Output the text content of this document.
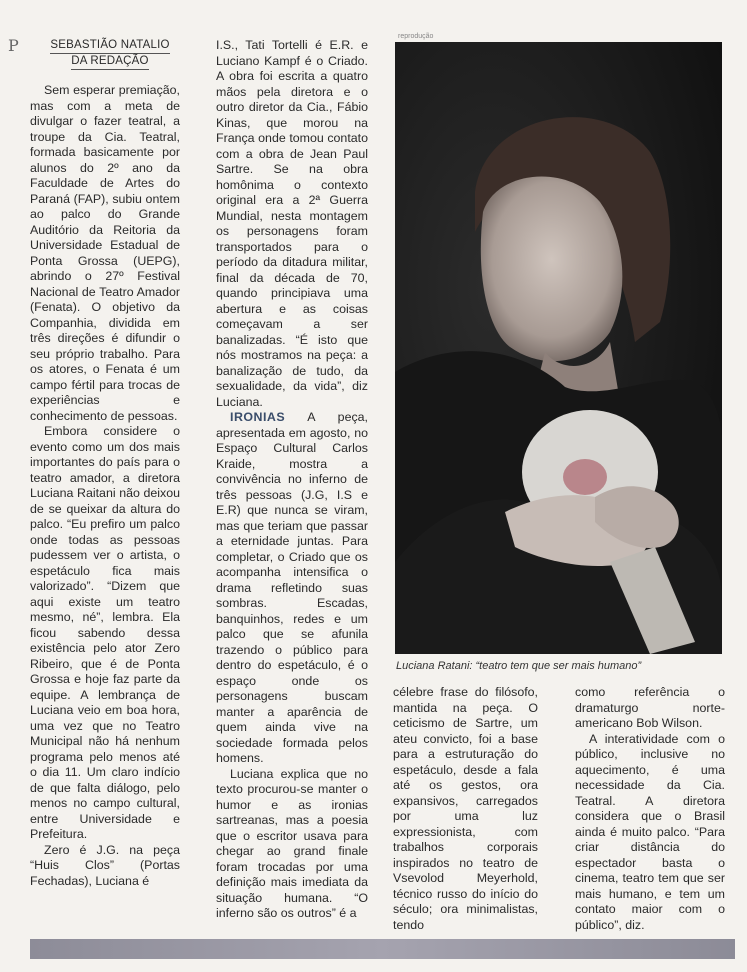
P	SEBASTIÃO NATALIO
DA REDAÇÃO

Sem esperar premiação, mas com a meta de divulgar o fazer teatral, a troupe da Cia. Teatral, formada basicamente por alunos do 2º ano da Faculdade de Artes do Paraná (FAP), subiu ontem ao palco do Grande Auditório da Reitoria da Universidade Estadual de Ponta Grossa (UEPG), abrindo o 27º Festival Nacional de Teatro Amador (Fenata). O objetivo da Companhia, dividida em três direções é difundir o seu próprio trabalho. Para os atores, o Fenata é um campo fértil para trocas de experiências e conhecimento de pessoas.

Embora considere o evento como um dos mais importantes do país para o teatro amador, a diretora Luciana Raitani não deixou de se queixar da altura do palco. “Eu prefiro um palco onde todas as pessoas pudessem ver o artista, o espetáculo fica mais valorizado”. “Dizem que aqui existe um teatro mesmo, né”, lembra. Ela ficou sabendo dessa existência pelo ator Zero Ribeiro, que é de Ponta Grossa e hoje faz parte da equipe. A lembrança de Luciana veio em boa hora, uma vez que no Teatro Municipal não há nenhum programa pelo menos até o dia 11. Um claro indício de que falta diálogo, pelo menos no campo cultural, entre Universidade e Prefeitura.

Zero é J.G. na peça “Huis Clos” (Portas Fechadas), Luciana é

I.S., Tati Tortelli é E.R. e Luciano Kampf é o Criado. A obra foi escrita a quatro mãos pela diretora e o outro diretor da Cia., Fábio Kinas, que morou na França onde tomou contato com a obra de Jean Paul Sartre. Se na obra homônima o contexto original era a 2ª Guerra Mundial, nesta montagem os personagens foram transportados para o período da ditadura militar, final da década de 70, quando principiava uma abertura e as coisas começavam a ser banalizadas. “É isto que nós mostramos na peça: a banalização de tudo, da sexualidade, da vida”, diz Luciana.

IRONIAS A peça, apresentada em agosto, no Espaço Cultural Carlos Kraide, mostra a convivência no inferno de três pessoas (J.G, I.S e E.R) que nunca se viram, mas que teriam que passar a eternidade juntas. Para completar, o Criado que os acompanha intensifica o drama refletindo suas sombras. Escadas, banquinhos, redes e um palco que se afunila trazendo o público para dentro do espetáculo, é o espaço onde os personagens buscam manter a aparência de quem ainda vive na sociedade formada pelos homens.

Luciana explica que no texto procurou-se manter o humor e as ironias sartreanas, mas a poesia que o escritor usava para chegar ao grand finale foram trocadas por uma definição mais imediata da situação humana. “O inferno são os outros” é a

reprodução
Luciana Ratani: “teatro tem que ser mais humano”

célebre frase do filósofo, mantida na peça. O ceticismo de Sartre, um ateu convicto, foi a base para a estruturação do espetáculo, desde a fala até os gestos, ora expansivos, carregados por uma luz expressionista, com trabalhos corporais inspirados no teatro de Vsevolod Meyerhold, técnico russo do início do século; ora minimalistas, tendo

como referência o dramaturgo norte-americano Bob Wilson.

A interatividade com o público, inclusive no aquecimento, é uma necessidade da Cia. Teatral. A diretora considera que o Brasil ainda é muito palco. “Para criar distância do espectador basta o cinema, teatro tem que ser mais humano, e tem um contato maior com o público”, diz.
